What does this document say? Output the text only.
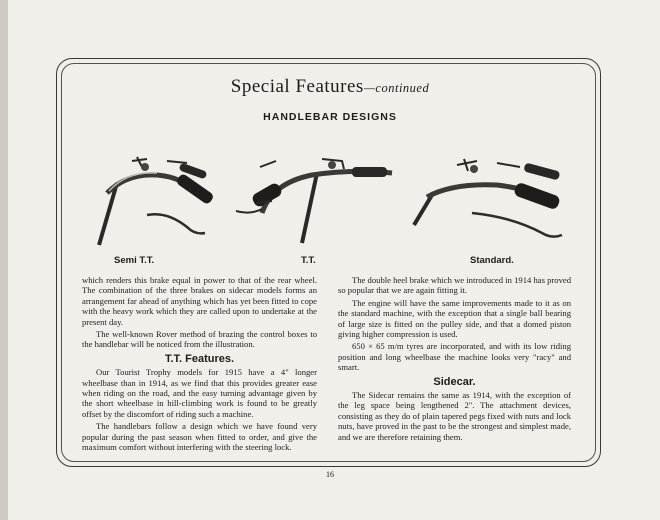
Special Features—continued
HANDLEBAR DESIGNS
Semi T.T.	T.T.	Standard.

which renders this brake equal in power to that of the rear wheel. The combination of the three brakes on sidecar models forms an arrangement far ahead of anything which has yet been fitted to cope with the heavy work which they are called upon to undertake at the present day.

The well-known Rover method of brazing the control boxes to the handlebar will be noticed from the illustration.

T.T. Features.

Our Tourist Trophy models for 1915 have a 4" longer wheelbase than in 1914, as we find that this provides greater ease when riding on the road, and the easy turning advantage given by the short wheelbase in hill-climbing work is found to be greatly offset by the discomfort of riding such a machine.

The handlebars follow a design which we have found very popular during the past season when fitted to order, and give the maximum comfort without interfering with the steering lock.

The double heel brake which we introduced in 1914 has proved so popular that we are again fitting it.

The engine will have the same improvements made to it as on the standard machine, with the exception that a single ball bearing of large size is fitted on the pulley side, and that a domed piston giving higher compression is used.

650 × 65 m/m tyres are incorporated, and with its low riding position and long wheelbase the machine looks very "racy" and smart.

Sidecar.

The Sidecar remains the same as 1914, with the exception of the leg space being lengthened 2". The attachment devices, consisting as they do of plain tapered pegs fixed with nuts and lock nuts, have proved in the past to be the strongest and simplest made, and we are therefore retaining them.

16
